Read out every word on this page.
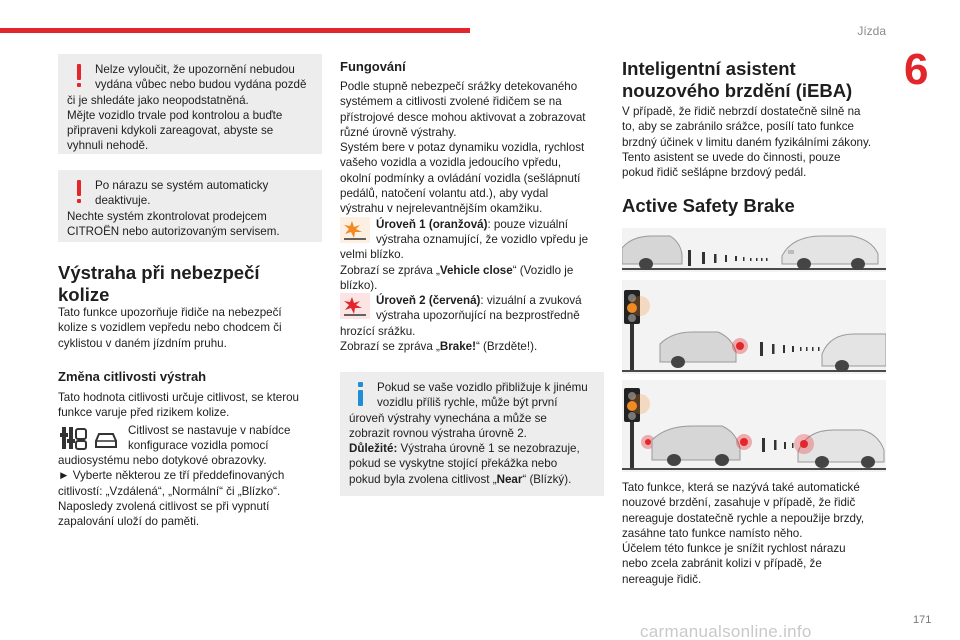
Jízda
6
Nelze vyloučit, že upozornění nebudou
vydána vůbec nebo budou vydána pozdě
či je shledáte jako neopodstatněná.
Mějte vozidlo trvale pod kontrolou a buďte
připraveni kdykoli zareagovat, abyste se
vyhnuli nehodě.
Po nárazu se systém automaticky
deaktivuje.
Nechte systém zkontrolovat prodejcem
CITROËN nebo autorizovaným servisem.
Výstraha při nebezpečí
kolize
Tato funkce upozorňuje řidiče na nebezpečí
kolize s vozidlem vepředu nebo chodcem či
cyklistou v daném jízdním pruhu.
Změna citlivosti výstrah
Tato hodnota citlivosti určuje citlivost, se kterou
funkce varuje před rizikem kolize.
Citlivost se nastavuje v nabídce
konfigurace vozidla pomocí
audiosystému nebo dotykové obrazovky.
► Vyberte některou ze tří předdefinovaných
citlivostí: „Vzdálená“, „Normální“ či „Blízko“.
Naposledy zvolená citlivost se při vypnutí
zapalování uloží do paměti.
Fungování
Podle stupně nebezpečí srážky detekovaného
systémem a citlivosti zvolené řidičem se na
přístrojové desce mohou aktivovat a zobrazovat
různé úrovně výstrahy.
Systém bere v potaz dynamiku vozidla, rychlost
vašeho vozidla a vozidla jedoucího vpředu,
okolní podmínky a ovládání vozidla (sešlápnutí
pedálů, natočení volantu atd.), aby vydal
výstrahu v nejrelevantnějším okamžiku.
Úroveň 1 (oranžová): pouze vizuální
výstraha oznamující, že vozidlo vpředu je
velmi blízko.
Zobrazí se zpráva „Vehicle close“ (Vozidlo je
blízko).
Úroveň 2 (červená): vizuální a zvuková
výstraha upozorňující na bezprostředně
hrozící srážku.
Zobrazí se zpráva „Brake!“ (Brzděte!).
Pokud se vaše vozidlo přibližuje k jinému
vozidlu příliš rychle, může být první
úroveň výstrahy vynechána a může se
zobrazit rovnou výstraha úrovně 2.
Důležité: Výstraha úrovně 1 se nezobrazuje,
pokud se vyskytne stojící překážka nebo
pokud byla zvolena citlivost „Near“ (Blízký).
Inteligentní asistent
nouzového brzdění (iEBA)
V případě, že řidič nebrzdí dostatečně silně na
to, aby se zabránilo srážce, posílí tato funkce
brzdný účinek v limitu daném fyzikálními zákony.
Tento asistent se uvede do činnosti, pouze
pokud řidič sešlápne brzdový pedál.
Active Safety Brake
Tato funkce, která se nazývá také automatické
nouzové brzdění, zasahuje v případě, že řidič
nereaguje dostatečně rychle a nepoužije brzdy,
zasáhne tato funkce namísto něho.
Účelem této funkce je snížit rychlost nárazu
nebo zcela zabránit kolizi v případě, že
nereaguje řidič.
171
carmanualsonline.info
